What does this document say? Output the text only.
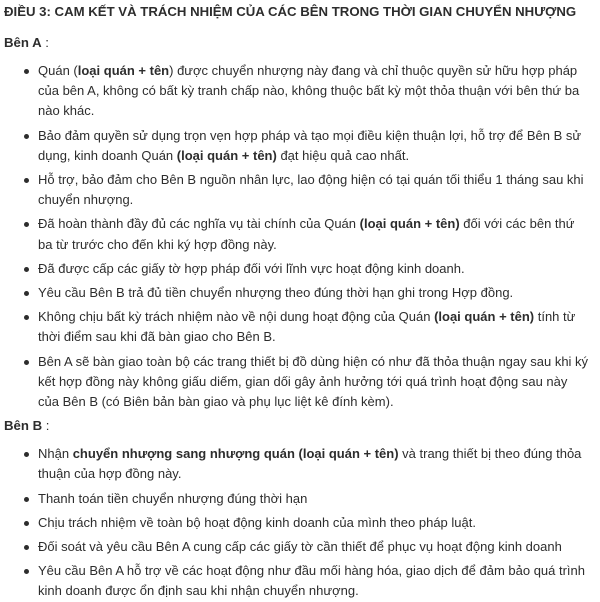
ĐIỀU 3: CAM KẾT VÀ TRÁCH NHIỆM CỦA CÁC BÊN TRONG THỜI GIAN CHUYỂN NHƯỢNG
Bên A :
Quán (loại quán + tên) được chuyển nhượng này đang và chỉ thuộc quyền sử hữu hợp pháp của bên A, không có bất kỳ tranh chấp nào, không thuộc bất kỳ một thỏa thuận với bên thứ ba nào khác.
Bảo đảm quyền sử dụng trọn vẹn hợp pháp và tạo mọi điều kiện thuận lợi, hỗ trợ để Bên B sử dụng, kinh doanh Quán (loại quán + tên) đạt hiệu quả cao nhất.
Hỗ trợ, bảo đảm cho Bên B nguồn nhân lực, lao động hiện có tại quán tối thiểu 1 tháng sau khi chuyển nhượng.
Đã hoàn thành đầy đủ các nghĩa vụ tài chính của Quán (loại quán + tên) đối với các bên thứ ba từ trước cho đến khi ký hợp đồng này.
Đã được cấp các giấy tờ hợp pháp đối với lĩnh vực hoạt động kinh doanh.
Yêu cầu Bên B trả đủ tiền chuyển nhượng theo đúng thời hạn ghi trong Hợp đồng.
Không chịu bất kỳ trách nhiệm nào về nội dung hoạt động của Quán (loại quán + tên) tính từ thời điểm sau khi đã bàn giao cho Bên B.
Bên A sẽ bàn giao toàn bộ các trang thiết bị đồ dùng hiện có như đã thỏa thuận ngay sau khi ký kết hợp đồng này không giấu diếm, gian dối gây ảnh hưởng tới quá trình hoạt động sau này của Bên B (có Biên bản bàn giao và phụ lục liệt kê đính kèm).
Bên B :
Nhận chuyển nhượng sang nhượng quán (loại quán + tên) và trang thiết bị theo đúng thỏa thuận của hợp đồng này.
Thanh toán tiền chuyển nhượng đúng thời hạn
Chịu trách nhiệm về toàn bộ hoạt động kinh doanh của mình theo pháp luật.
Đối soát và yêu cầu Bên A cung cấp các giấy tờ cần thiết để phục vụ hoạt động kinh doanh
Yêu cầu Bên A hỗ trợ về các hoạt động như đầu mối hàng hóa, giao dịch để đảm bảo quá trình kinh doanh được ổn định sau khi nhận chuyển nhượng.
